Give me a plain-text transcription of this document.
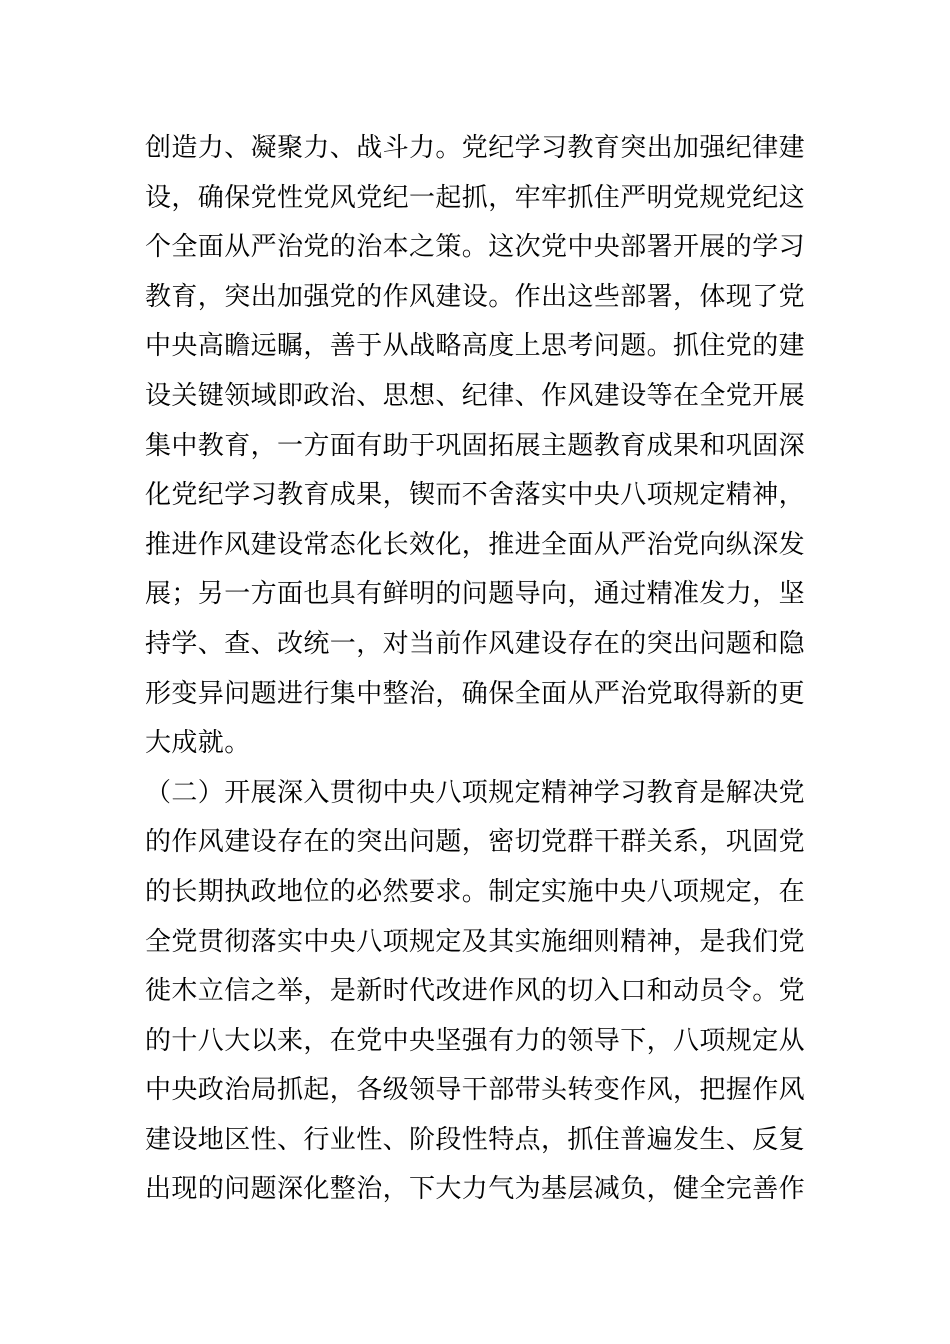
创造力、凝聚力、战斗力。党纪学习教育突出加强纪律建
设，确保党性党风党纪一起抓，牢牢抓住严明党规党纪这
个全面从严治党的治本之策。这次党中央部署开展的学习
教育，突出加强党的作风建设。作出这些部署，体现了党
中央高瞻远瞩，善于从战略高度上思考问题。抓住党的建
设关键领域即政治、思想、纪律、作风建设等在全党开展
集中教育，一方面有助于巩固拓展主题教育成果和巩固深
化党纪学习教育成果，锲而不舍落实中央八项规定精神，
推进作风建设常态化长效化，推进全面从严治党向纵深发
展；另一方面也具有鲜明的问题导向，通过精准发力，坚
持学、查、改统一，对当前作风建设存在的突出问题和隐
形变异问题进行集中整治，确保全面从严治党取得新的更
大成就。
（二）开展深入贯彻中央八项规定精神学习教育是解决党
的作风建设存在的突出问题，密切党群干群关系，巩固党
的长期执政地位的必然要求。制定实施中央八项规定，在
全党贯彻落实中央八项规定及其实施细则精神，是我们党
徙木立信之举，是新时代改进作风的切入口和动员令。党
的十八大以来，在党中央坚强有力的领导下，八项规定从
中央政治局抓起，各级领导干部带头转变作风，把握作风
建设地区性、行业性、阶段性特点，抓住普遍发生、反复
出现的问题深化整治，下大力气为基层减负，健全完善作
